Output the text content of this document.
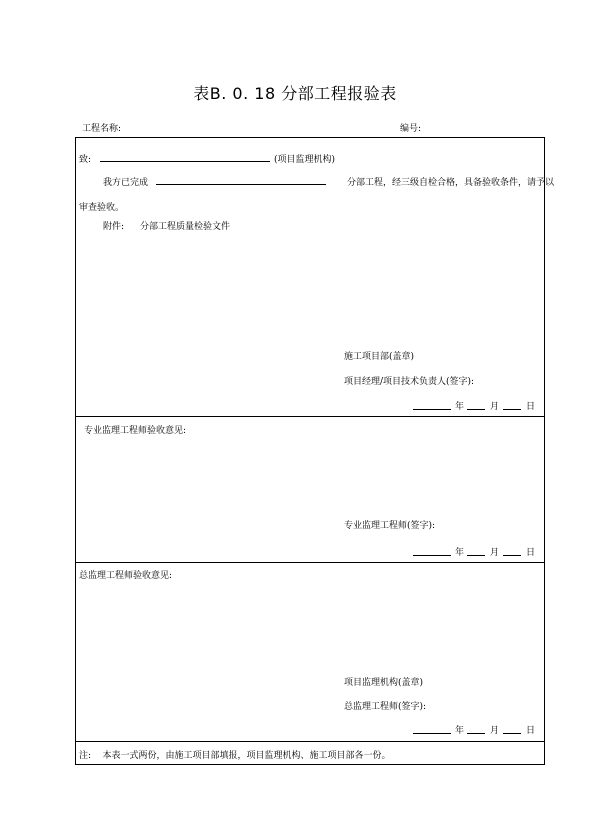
表B. 0. 18 分部工程报验表
工程名称:	编号:
致:	(项目监理机构)
我方已完成	分部工程，经三级自检合格，具备验收条件，请予以
审查验收。
附件: 分部工程质量检验文件
施工项目部(盖章)
项目经理/项目技术负责人(签字):
年	月	日
专业监理工程师验收意见:
专业监理工程师(签字):
年	月	日
总监理工程师验收意见:
项目监理机构(盖章)
总监理工程师(签字):
年	月	日
注:    本表一式两份，由施工项目部填报，项目监理机构、施工项目部各一份。
